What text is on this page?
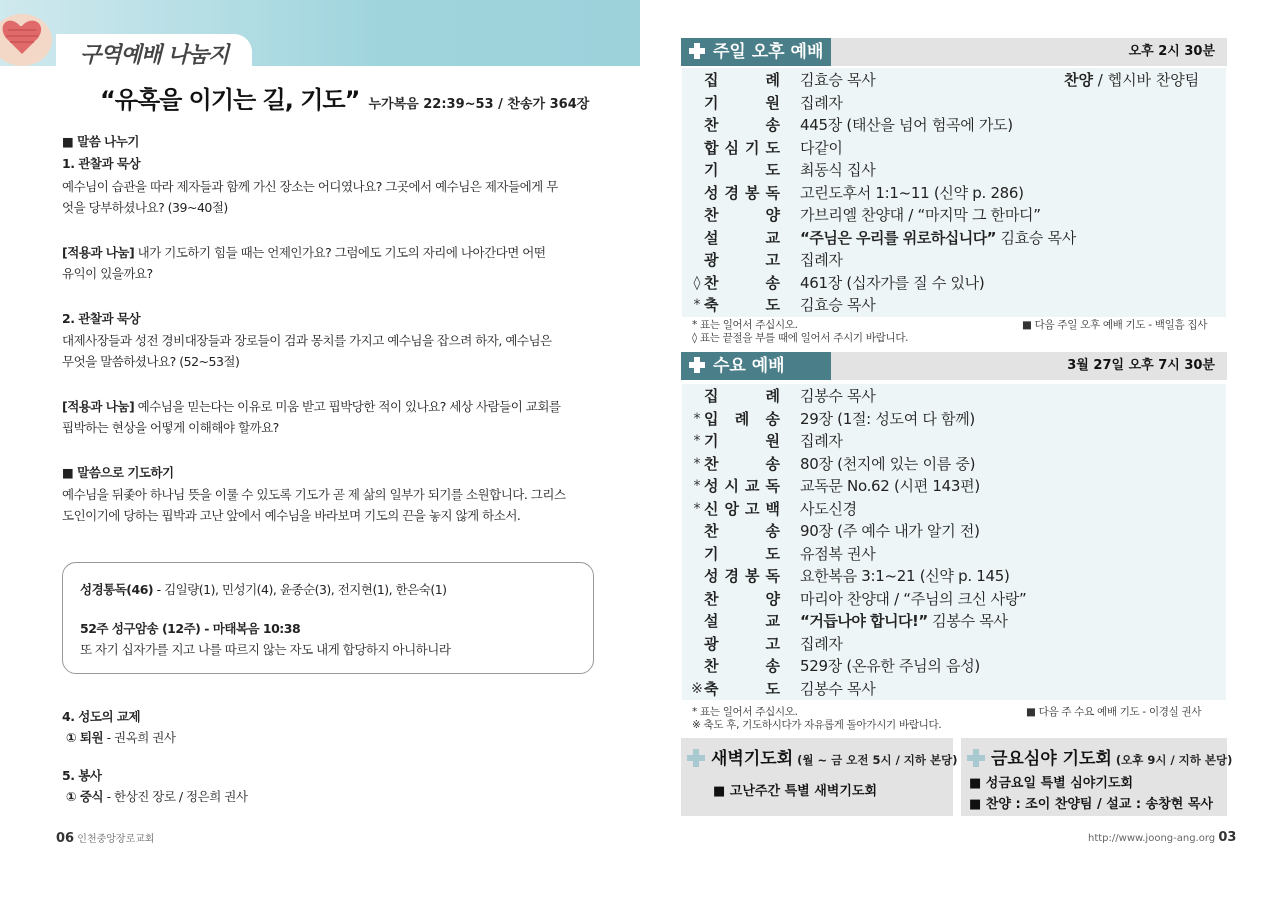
구역예배 나눔지
“유혹을 이기는 길, 기도” 누가복음 22:39~53 / 찬송가 364장
■ 말씀 나누기
1. 관찰과 묵상
예수님이 습관을 따라 제자들과 함께 가신 장소는 어디였나요? 그곳에서 예수님은 제자들에게 무
엇을 당부하셨나요? (39~40절)
[적용과 나눔] 내가 기도하기 힘들 때는 언제인가요? 그럼에도 기도의 자리에 나아간다면 어떤
유익이 있을까요?
2. 관찰과 묵상
대제사장들과 성전 경비대장들과 장로들이 검과 몽치를 가지고 예수님을 잡으려 하자, 예수님은
무엇을 말씀하셨나요? (52~53절)
[적용과 나눔] 예수님을 믿는다는 이유로 미움 받고 핍박당한 적이 있나요? 세상 사람들이 교회를
핍박하는 현상을 어떻게 이해해야 할까요?
■ 말씀으로 기도하기
예수님을 뒤좇아 하나님 뜻을 이룰 수 있도록 기도가 곧 제 삶의 일부가 되기를 소원합니다. 그리스
도인이기에 당하는 핍박과 고난 앞에서 예수님을 바라보며 기도의 끈을 놓지 않게 하소서.
성경통독(46) - 김일량(1), 민성기(4), 윤종순(3), 전지현(1), 한은숙(1)
52주 성구암송 (12주) - 마태복음 10:38
또 자기 십자가를 지고 나를 따르지 않는 자도 내게 합당하지 아니하니라
4. 성도의 교제
① 퇴원 - 권옥희 권사
5. 봉사
① 중식 - 한상진 장로 / 정은희 권사
06 인천중앙장로교회
주일 오후 예배	오후 2시 30분
찬양 / 헵시바 찬양팀
집	례 김효승 목사
기	원 집례자
찬	송 445장 (태산을 넘어 험곡에 가도)
합 심 기 도 다같이
기	도 최동식 집사
성 경 봉 독 고린도후서 1:1~11 (신약 p. 286)
찬	양 가브리엘 찬양대 / “마지막 그 한마디”
설	교 “주님은 우리를 위로하십니다” 김효승 목사
광	고 집례자
◊ 찬	송 461장 (십자가를 질 수 있나)
* 축	도 김효승 목사
* 표는 일어서 주십시오.
◊ 표는 끝절을 부를 때에 일어서 주시기 바랍니다.
■ 다음 주일 오후 예배 기도 - 백일흠 집사
수요 예배	3월 27일 오후 7시 30분
집	례 김봉수 목사
* 입 례 송 29장 (1절: 성도여 다 함께)
* 기	원 집례자
* 찬	송 80장 (천지에 있는 이름 중)
* 성 시 교 독 교독문 No.62 (시편 143편)
* 신 앙 고 백 사도신경
찬	송 90장 (주 예수 내가 알기 전)
기	도 유점복 권사
성 경 봉 독 요한복음 3:1~21 (신약 p. 145)
찬	양 마리아 찬양대 / “주님의 크신 사랑”
설	교 “거듭나야 합니다!” 김봉수 목사
광	고 집례자
찬	송 529장 (온유한 주님의 음성)
※ 축	도 김봉수 목사
* 표는 일어서 주십시오.
※ 축도 후, 기도하시다가 자유롭게 돌아가시기 바랍니다.
■ 다음 주 수요 예배 기도 - 이경실 권사
새벽기도회 (월 ~ 금 오전 5시 / 지하 본당)
■ 고난주간 특별 새벽기도회
금요심야 기도회 (오후 9시 / 지하 본당)
■ 성금요일 특별 심야기도회
■ 찬양 : 조이 찬양팀 / 설교 : 송창현 목사
http://www.joong-ang.org 03
